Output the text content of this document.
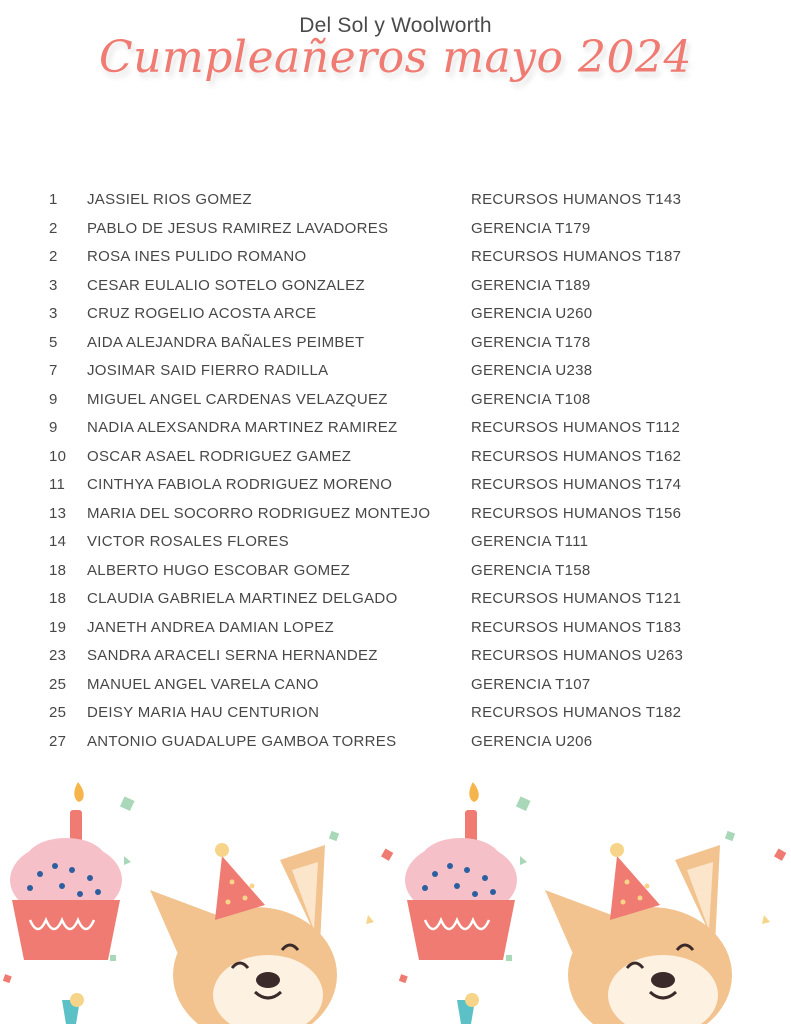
Del Sol y Woolworth
Cumpleañeros mayo 2024
1 JASSIEL RIOS GOMEZ	RECURSOS HUMANOS T143
2 PABLO DE JESUS RAMIREZ LAVADORES	GERENCIA T179
2 ROSA INES PULIDO ROMANO	RECURSOS HUMANOS T187
3 CESAR EULALIO SOTELO GONZALEZ	GERENCIA T189
3 CRUZ ROGELIO ACOSTA ARCE	GERENCIA U260
5 AIDA ALEJANDRA BAÑALES PEIMBET	GERENCIA T178
7 JOSIMAR SAID FIERRO RADILLA	GERENCIA U238
9 MIGUEL ANGEL CARDENAS VELAZQUEZ	GERENCIA T108
9 NADIA ALEXSANDRA MARTINEZ RAMIREZ	RECURSOS HUMANOS T112
10 OSCAR ASAEL RODRIGUEZ GAMEZ	RECURSOS HUMANOS T162
11 CINTHYA FABIOLA RODRIGUEZ MORENO	RECURSOS HUMANOS T174
13 MARIA DEL SOCORRO RODRIGUEZ MONTEJO	RECURSOS HUMANOS T156
14 VICTOR ROSALES FLORES	GERENCIA T111
18 ALBERTO HUGO ESCOBAR GOMEZ	GERENCIA T158
18 CLAUDIA GABRIELA MARTINEZ DELGADO	RECURSOS HUMANOS T121
19 JANETH ANDREA DAMIAN LOPEZ	RECURSOS HUMANOS T183
23 SANDRA ARACELI SERNA HERNANDEZ	RECURSOS HUMANOS U263
25 MANUEL ANGEL VARELA CANO	GERENCIA T107
25 DEISY MARIA HAU CENTURION	RECURSOS HUMANOS T182
27 ANTONIO GUADALUPE GAMBOA TORRES	GERENCIA U206
